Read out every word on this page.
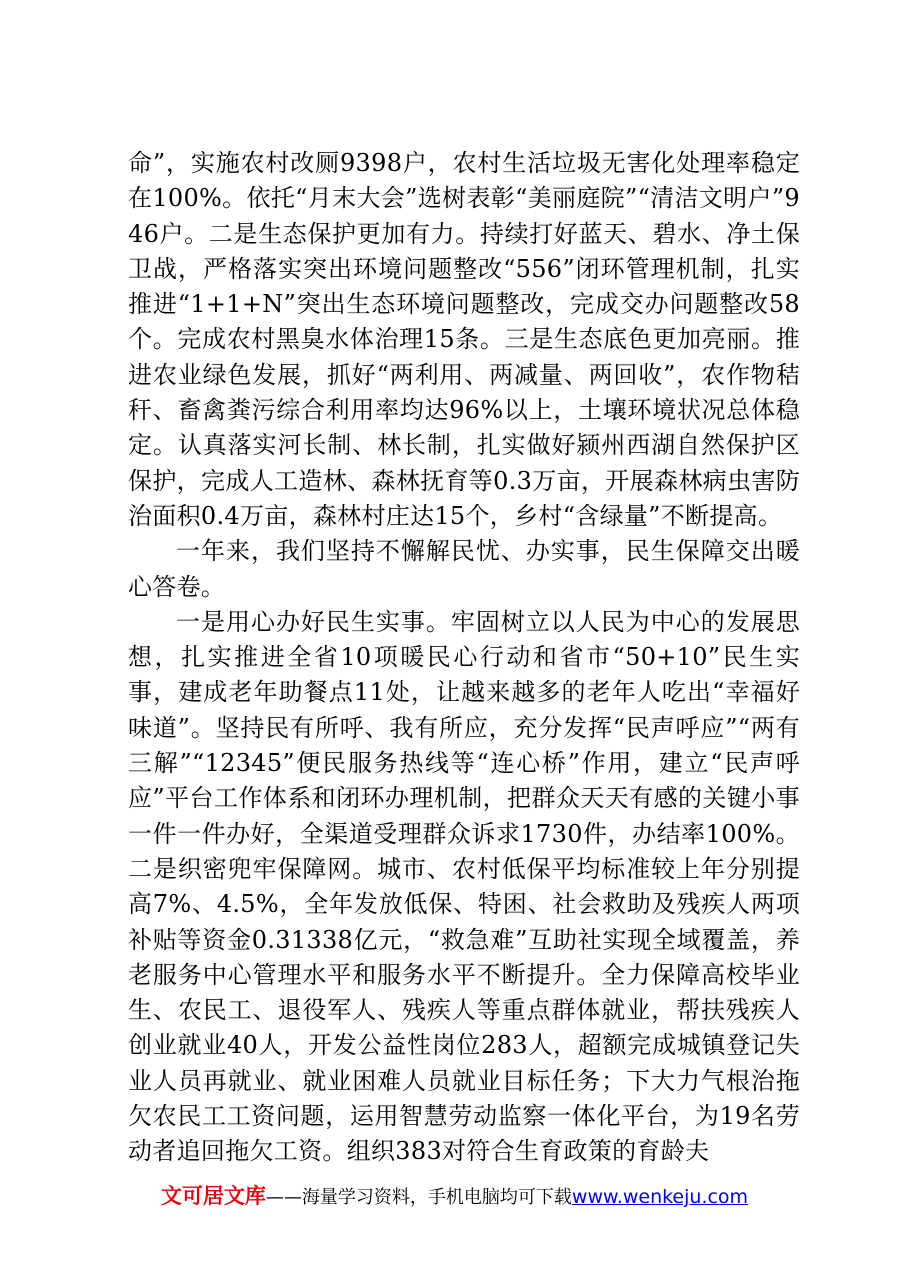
命”，实施农村改厕9398户，农村生活垃圾无害化处理率稳定在100%。依托“月末大会”选树表彰“美丽庭院”“清洁文明户”946户。二是生态保护更加有力。持续打好蓝天、碧水、净土保卫战，严格落实突出环境问题整改“556”闭环管理机制，扎实推进“1+1+N”突出生态环境问题整改，完成交办问题整改58个。完成农村黑臭水体治理15条。三是生态底色更加亮丽。推进农业绿色发展，抓好“两利用、两减量、两回收”，农作物秸秆、畜禽粪污综合利用率均达96%以上，土壤环境状况总体稳定。认真落实河长制、林长制，扎实做好颍州西湖自然保护区保护，完成人工造林、森林抚育等0.3万亩，开展森林病虫害防治面积0.4万亩，森林村庄达15个，乡村“含绿量”不断提高。

一年来，我们坚持不懈解民忧、办实事，民生保障交出暖心答卷。

一是用心办好民生实事。牢固树立以人民为中心的发展思想，扎实推进全省10项暖民心行动和省市“50+10”民生实事，建成老年助餐点11处，让越来越多的老年人吃出“幸福好味道”。坚持民有所呼、我有所应，充分发挥“民声呼应”“两有三解”“12345”便民服务热线等“连心桥”作用，建立“民声呼应”平台工作体系和闭环办理机制，把群众天天有感的关键小事一件一件办好，全渠道受理群众诉求1730件，办结率100%。二是织密兜牢保障网。城市、农村低保平均标准较上年分别提高7%、4.5%，全年发放低保、特困、社会救助及残疾人两项补贴等资金0.31338亿元，“救急难”互助社实现全域覆盖，养老服务中心管理水平和服务水平不断提升。全力保障高校毕业生、农民工、退役军人、残疾人等重点群体就业，帮扶残疾人创业就业40人，开发公益性岗位283人，超额完成城镇登记失业人员再就业、就业困难人员就业目标任务；下大力气根治拖欠农民工工资问题，运用智慧劳动监察一体化平台，为19名劳动者追回拖欠工资。组织383对符合生育政策的育龄夫

文可居文库——海量学习资料，手机电脑均可下载www.wenkeju.com
